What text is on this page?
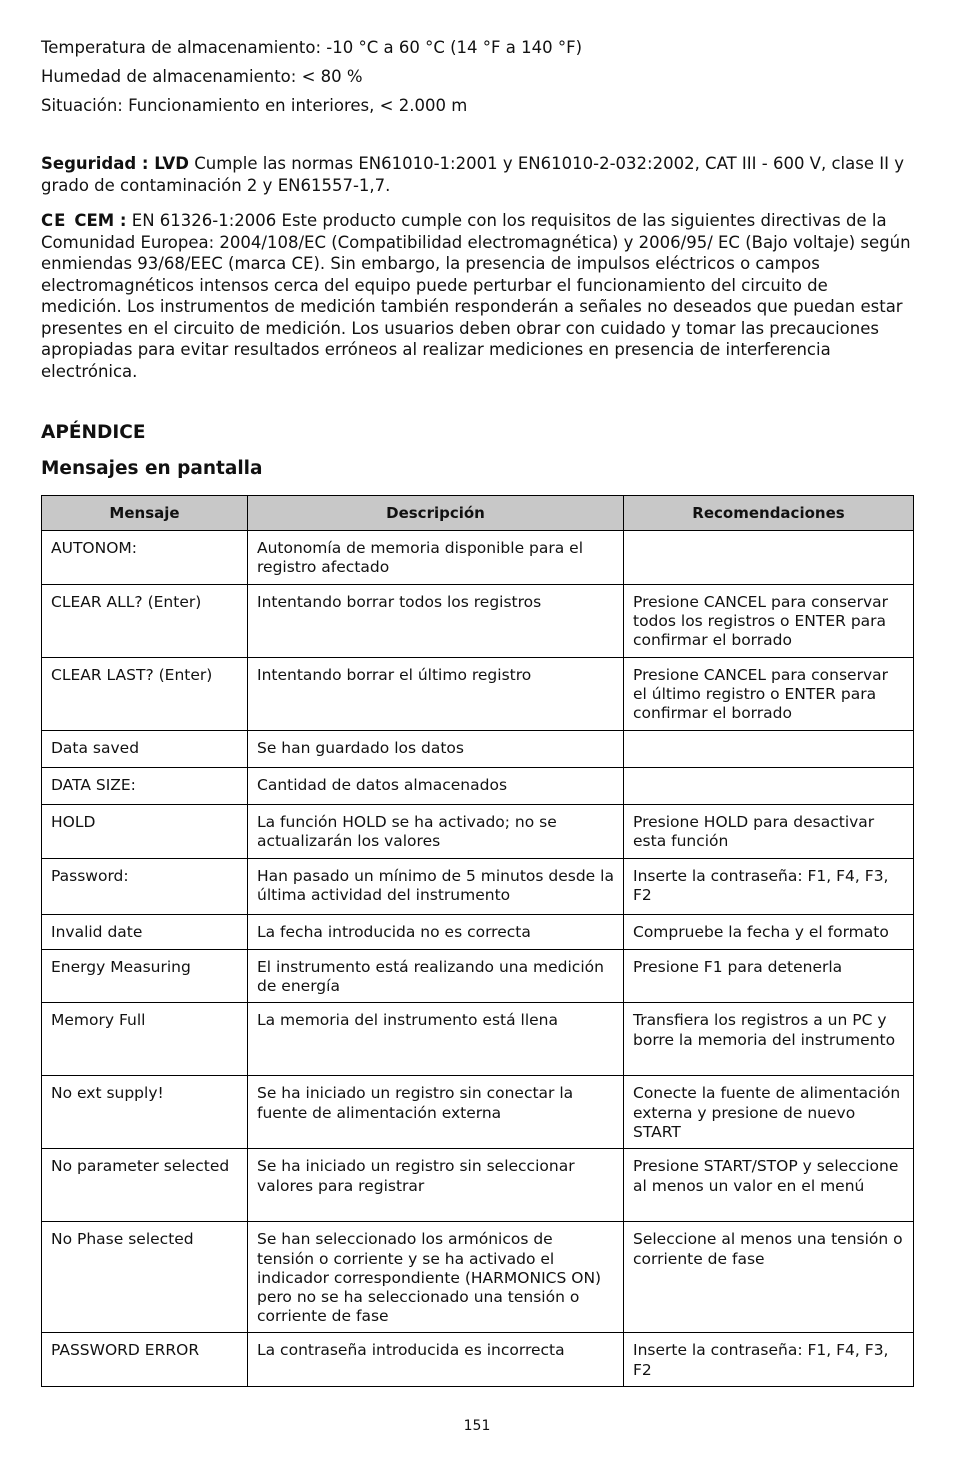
Temperatura de almacenamiento: -10 °C a 60 °C (14 °F a 140 °F)

Humedad de almacenamiento: < 80 %

Situación: Funcionamiento en interiores, < 2.000 m

Seguridad : LVD Cumple las normas EN61010-1:2001 y EN61010-2-032:2002, CAT III - 600 V, clase II y grado de contaminación 2 y EN61557-1,7.

CE CEM : EN 61326-1:2006 Este producto cumple con los requisitos de las siguientes directivas de la Comunidad Europea: 2004/108/EC (Compatibilidad electromagnética) y 2006/95/ EC (Bajo voltaje) según enmiendas 93/68/EEC (marca CE). Sin embargo, la presencia de impulsos eléctricos o campos electromagnéticos intensos cerca del equipo puede perturbar el funcionamiento del circuito de medición. Los instrumentos de medición también responderán a señales no deseados que puedan estar presentes en el circuito de medición. Los usuarios deben obrar con cuidado y tomar las precauciones apropiadas para evitar resultados erróneos al realizar mediciones en presencia de interferencia electrónica.

APÉNDICE
Mensajes en pantalla
Mensaje	Descripción	Recomendaciones
AUTONOM:	Autonomía de memoria disponible para el registro afectado	
CLEAR ALL? (Enter)	Intentando borrar todos los registros	Presione CANCEL para conservar todos los registros o ENTER para confirmar el borrado
CLEAR LAST? (Enter)	Intentando borrar el último registro	Presione CANCEL para conservar el último registro o ENTER para confirmar el borrado
Data saved	Se han guardado los datos	
DATA SIZE:	Cantidad de datos almacenados	
HOLD	La función HOLD se ha activado; no se actualizarán los valores	Presione HOLD para desactivar esta función
Password:	Han pasado un mínimo de 5 minutos desde la última actividad del instrumento	Inserte la contraseña: F1, F4, F3, F2
Invalid date	La fecha introducida no es correcta	Compruebe la fecha y el formato
Energy Measuring	El instrumento está realizando una medición de energía	Presione F1 para detenerla
Memory Full	La memoria del instrumento está llena	Transfiera los registros a un PC y borre la memoria del instrumento
No ext supply!	Se ha iniciado un registro sin conectar la fuente de alimentación externa	Conecte la fuente de alimentación externa y presione de nuevo START
No parameter selected	Se ha iniciado un registro sin seleccionar valores para registrar	Presione START/STOP y seleccione al menos un valor en el menú
No Phase selected	Se han seleccionado los armónicos de tensión o corriente y se ha activado el indicador correspondiente (HARMONICS ON) pero no se ha seleccionado una tensión o corriente de fase	Seleccione al menos una tensión o corriente de fase
PASSWORD ERROR	La contraseña introducida es incorrecta	Inserte la contraseña: F1, F4, F3, F2
151
